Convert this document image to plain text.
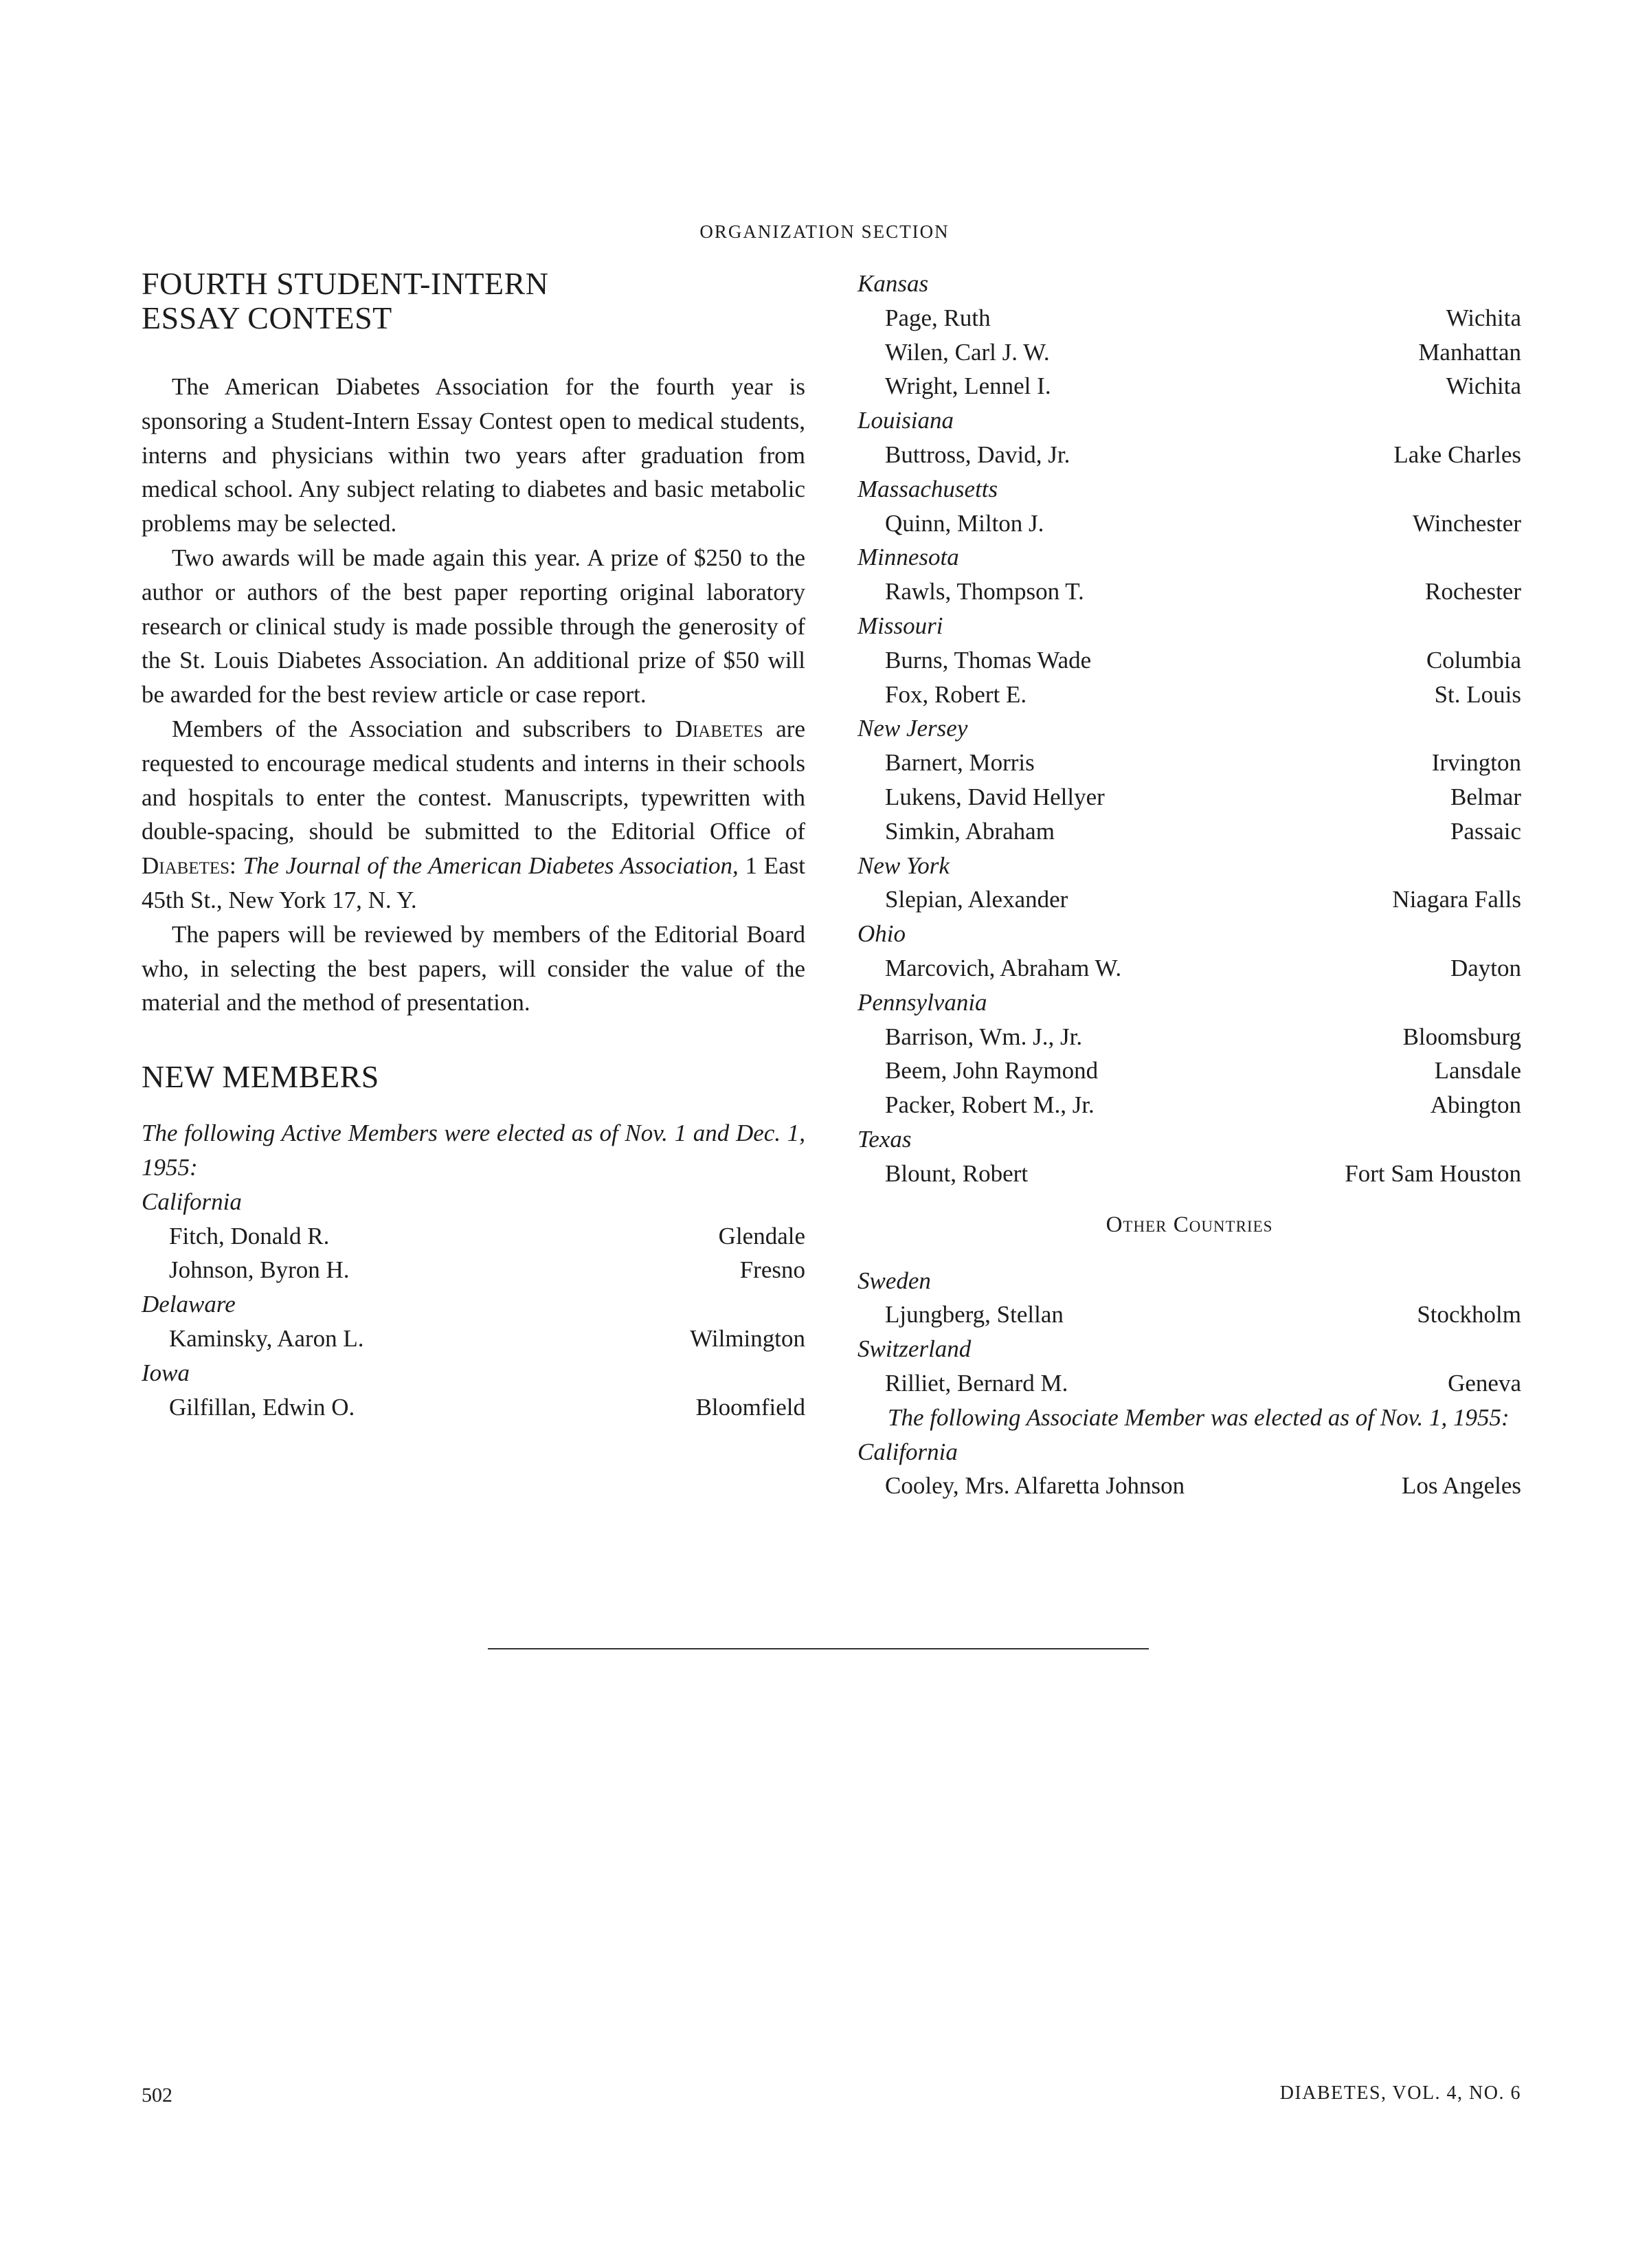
ORGANIZATION SECTION
FOURTH STUDENT-INTERN
ESSAY CONTEST

The American Diabetes Association for the fourth year is sponsoring a Student-Intern Essay Contest open to medical students, interns and physicians within two years after graduation from medical school. Any subject relating to diabetes and basic metabolic problems may be selected.

Two awards will be made again this year. A prize of $250 to the author or authors of the best paper reporting original laboratory research or clinical study is made possible through the generosity of the St. Louis Diabetes Association. An additional prize of $50 will be awarded for the best review article or case report.

Members of the Association and subscribers to Diabetes are requested to encourage medical students and interns in their schools and hospitals to enter the contest. Manuscripts, typewritten with double-spacing, should be submitted to the Editorial Office of Diabetes: The Journal of the American Diabetes Association, 1 East 45th St., New York 17, N. Y.

The papers will be reviewed by members of the Editorial Board who, in selecting the best papers, will consider the value of the material and the method of presentation.

NEW MEMBERS

The following Active Members were elected as of Nov. 1 and Dec. 1, 1955:

California
Fitch, Donald R.	Glendale
Johnson, Byron H.	Fresno
Delaware
Kaminsky, Aaron L.	Wilmington
Iowa
Gilfillan, Edwin O.	Bloomfield
Kansas
Page, Ruth	Wichita
Wilen, Carl J. W.	Manhattan
Wright, Lennel I.	Wichita
Louisiana
Buttross, David, Jr.	Lake Charles
Massachusetts
Quinn, Milton J.	Winchester
Minnesota
Rawls, Thompson T.	Rochester
Missouri
Burns, Thomas Wade	Columbia
Fox, Robert E.	St. Louis
New Jersey
Barnert, Morris	Irvington
Lukens, David Hellyer	Belmar
Simkin, Abraham	Passaic
New York
Slepian, Alexander	Niagara Falls
Ohio
Marcovich, Abraham W.	Dayton
Pennsylvania
Barrison, Wm. J., Jr.	Bloomsburg
Beem, John Raymond	Lansdale
Packer, Robert M., Jr.	Abington
Texas
Blount, Robert	Fort Sam Houston
Other Countries
Sweden
Ljungberg, Stellan	Stockholm
Switzerland
Rilliet, Bernard M.	Geneva

The following Associate Member was elected as of Nov. 1, 1955:

California
Cooley, Mrs. Alfaretta Johnson	Los Angeles
502	DIABETES, VOL. 4, NO. 6
